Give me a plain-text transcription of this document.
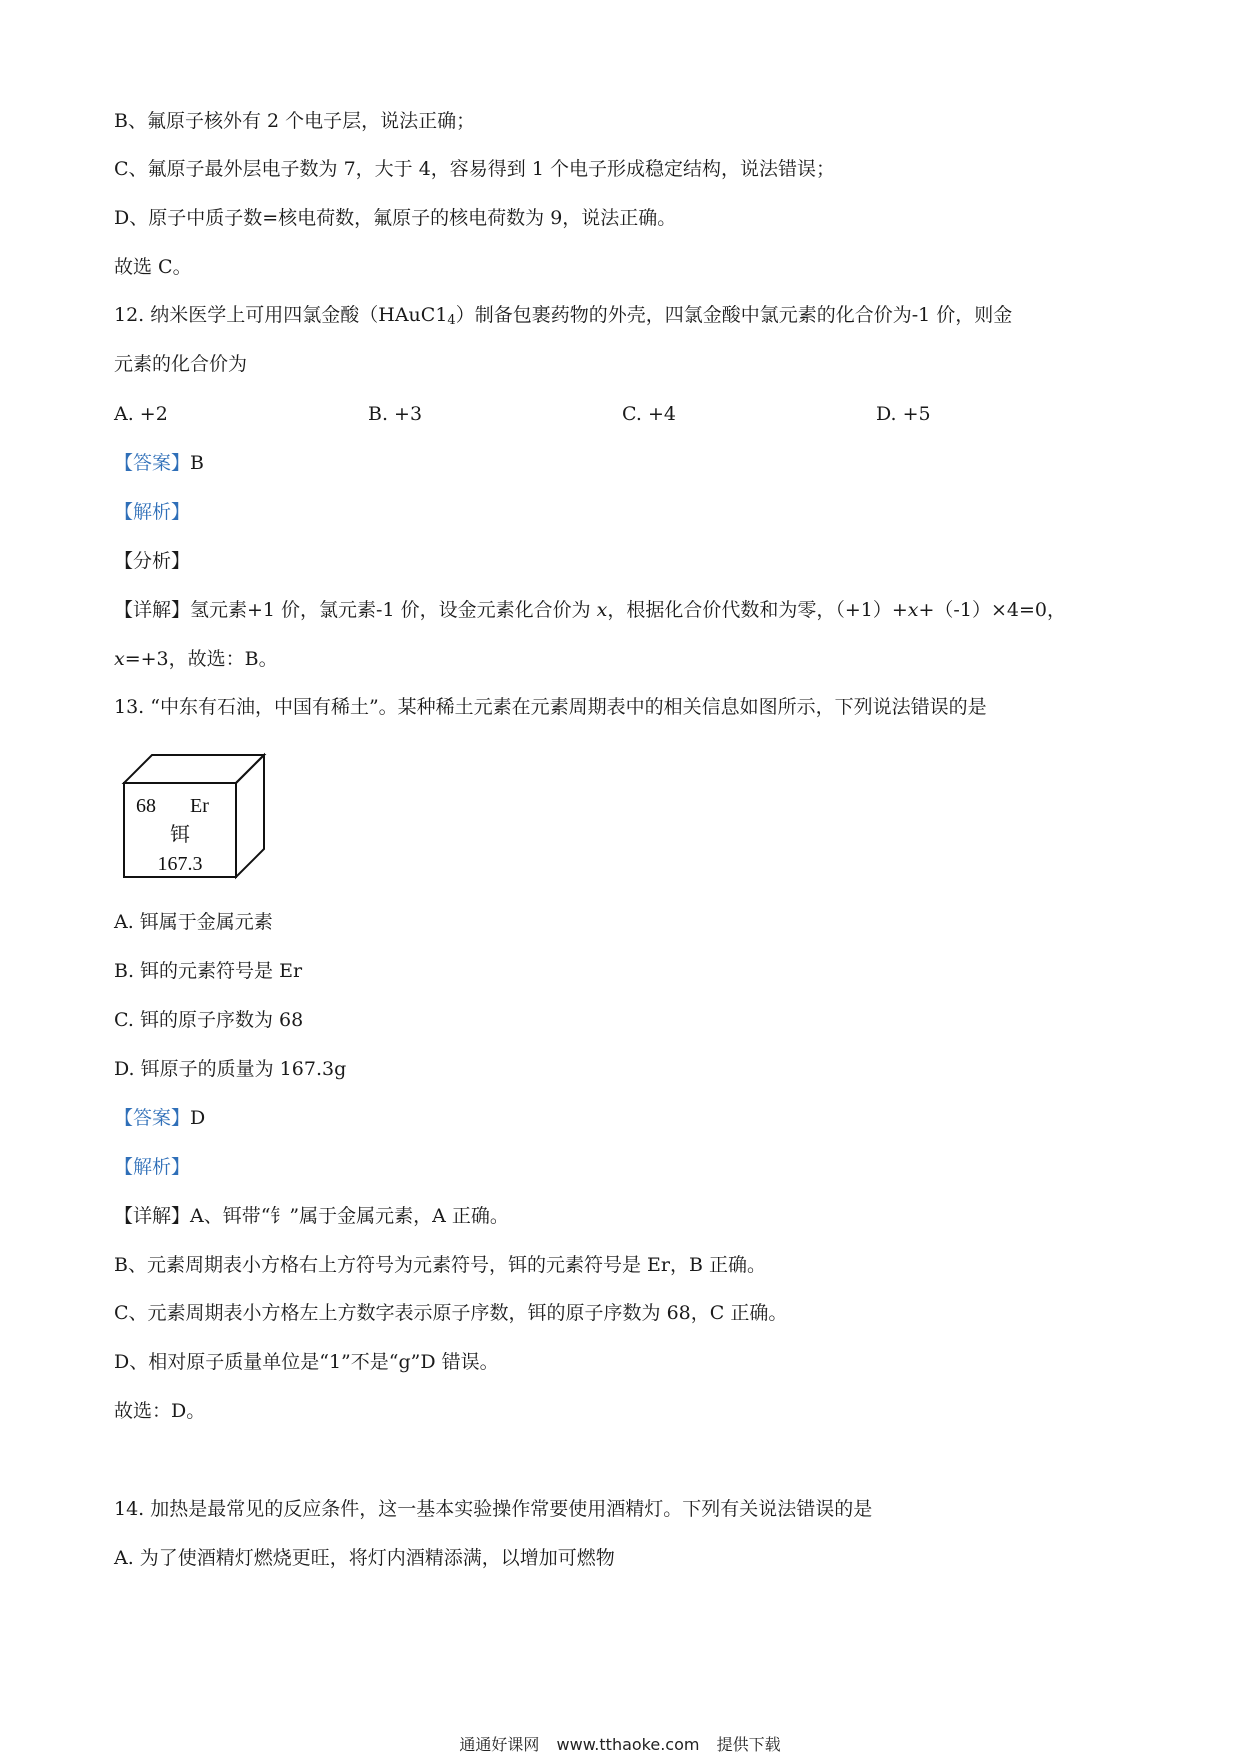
B、氟原子核外有 2 个电子层，说法正确；
C、氟原子最外层电子数为 7，大于 4，容易得到 1 个电子形成稳定结构，说法错误；
D、原子中质子数=核电荷数，氟原子的核电荷数为 9，说法正确。
故选 C。
12. 纳米医学上可用四氯金酸$(HAuC1_4)$制备包裹药物的外壳，四氯金酸中氯元素的化合价为-1 价，则金
元素的化合价为
A. +2	B. +3	C. +4	D. +5
【答案】B
【解析】
【分析】
【详解】氢元素+1 价，氯元素-1 价，设金元素化合价为 x，根据化合价代数和为零，（+1）+x+（-1）×4=0，
x=+3，故选：B。
13. “中东有石油，中国有稀土”。某种稀土元素在元素周期表中的相关信息如图所示，下列说法错误的是
68 Er
铒
167.3
A. 铒属于金属元素
B. 铒的元素符号是 Er
C. 铒的原子序数为 68
D. 铒原子的质量为 167.3g
【答案】D
【解析】
【详解】A、铒带“钅”属于金属元素，A 正确。
B、元素周期表小方格右上方符号为元素符号，铒的元素符号是 Er，B 正确。
C、元素周期表小方格左上方数字表示原子序数，铒的原子序数为 68，C 正确。
D、相对原子质量单位是“1”不是“g”D 错误。
故选：D。
14. 加热是最常见的反应条件，这一基本实验操作常要使用酒精灯。下列有关说法错误的是
A. 为了使酒精灯燃烧更旺，将灯内酒精添满，以增加可燃物
通通好课网 www.tthaoke.com 提供下载
